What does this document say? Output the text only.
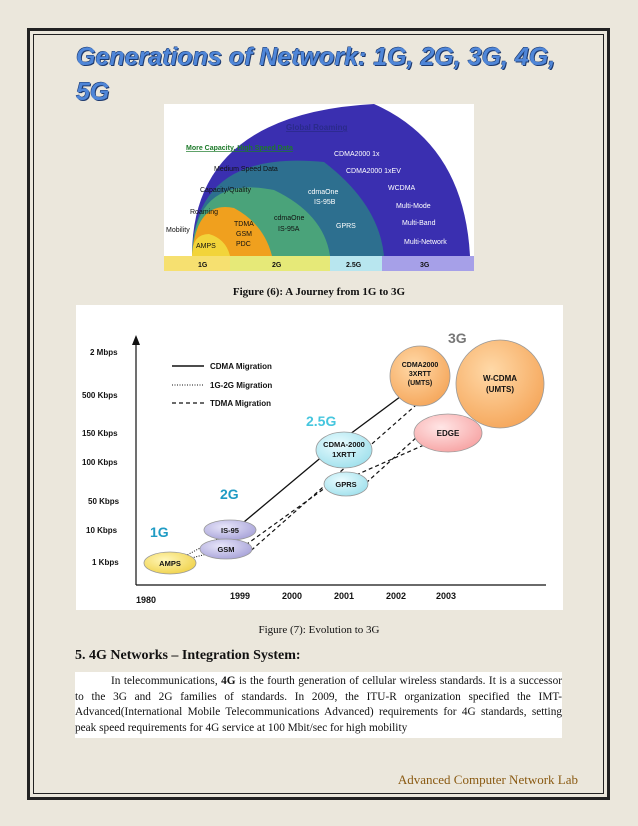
Generations of Network: 1G, 2G, 3G, 4G, 5G
Global Roaming
More Capacity, High Speed Data
Medium Speed Data
Capacity/Quality
Roaming
Mobility
AMPS
TDMA
GSM
PDC
cdmaOne
IS-95A
cdmaOne
IS-95B
GPRS
CDMA2000 1x
CDMA2000 1xEV
WCDMA
Multi-Mode
Multi-Band
Multi-Network
1G	2G	2.5G	3G
Figure (6): A Journey from 1G to 3G
2 Mbps
500 Kbps
150 Kbps
100 Kbps
50 Kbps
10 Kbps
1 Kbps
1980	1999	2000	2001	2002	2003
CDMA Migration
1G-2G Migration
TDMA Migration
1G
2G
2.5G
3G
AMPS
IS-95
GSM
CDMA-2000
1XRTT
GPRS
EDGE
CDMA2000
3XRTT
(UMTS)
W-CDMA
(UMTS)
Figure (7): Evolution to 3G
5. 4G Networks – Integration System:
In telecommunications, 4G is the fourth generation of cellular wireless standards. It is a successor to the 3G and 2G families of standards. In 2009, the ITU-R organization specified the IMT-Advanced(International Mobile Telecommunications Advanced) requirements for 4G standards, setting peak speed requirements for 4G service at 100 Mbit/sec for high mobility
Advanced Computer Network Lab
